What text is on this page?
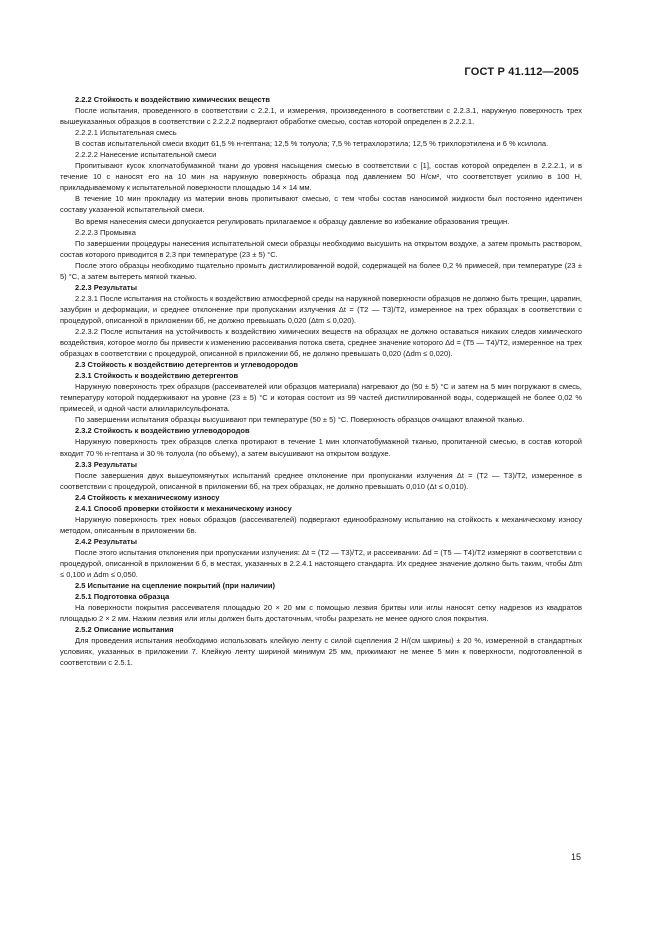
ГОСТ Р 41.112—2005

2.2.2 Стойкость к воздействию химических веществ

После испытания, проведенного в соответствии с 2.2.1, и измерения, произведенного в соответствии с 2.2.3.1, наружную поверхность трех вышеуказанных образцов в соответствии с 2.2.2.2 подвергают обработке смесью, состав которой определен в 2.2.2.1.

2.2.2.1 Испытательная смесь

В состав испытательной смеси входит 61,5 % н-гептана; 12,5 % толуола; 7,5 % тетрахлорэтила; 12,5 % трихлорэтилена и 6 % ксилола.

2.2.2.2 Нанесение испытательной смеси

Пропитывают кусок хлопчатобумажной ткани до уровня насыщения смесью в соответствии с [1], состав которой определен в 2.2.2.1, и в течение 10 с наносят его на 10 мин на наружную поверхность образца под давлением 50 Н/см², что соответствует усилию в 100 Н, прикладываемому к испытательной поверхности площадью 14 × 14 мм.

В течение 10 мин прокладку из материи вновь пропитывают смесью, с тем чтобы состав наносимой жидкости был постоянно идентичен составу указанной испытательной смеси.

Во время нанесения смеси допускается регулировать прилагаемое к образцу давление во избежание образования трещин.

2.2.2.3 Промывка

По завершении процедуры нанесения испытательной смеси образцы необходимо высушить на открытом воздухе, а затем промыть раствором, состав которого приводится в 2.3 при температуре (23 ± 5) °С.

После этого образцы необходимо тщательно промыть дистиллированной водой, содержащей на более 0,2 % примесей, при температуре (23 ± 5) °С, а затем вытереть мягкой тканью.

2.2.3 Результаты

2.2.3.1 После испытания на стойкость к воздействию атмосферной среды на наружной поверхности образцов не должно быть трещин, царапин, зазубрин и деформации, и среднее отклонение при пропускании излучения Δt = (T2 — T3)/T2, измеренное на трех образцах в соответствии с процедурой, описанной в приложении 6б, не должно превышать 0,020 (Δtm ≤ 0,020).

2.2.3.2 После испытания на устойчивость к воздействию химических веществ на образцах не должно оставаться никаких следов химического воздействия, которое могло бы привести к изменению рассеивания потока света, среднее значение которого Δd = (T5 — T4)/T2, измеренное на трех образцах в соответствии с процедурой, описанной в приложении 6б, не должно превышать 0,020 (Δdm ≤ 0,020).

2.3 Стойкость к воздействию детергентов и углеводородов

2.3.1 Стойкость к воздействию детергентов

Наружную поверхность трех образцов (рассеивателей или образцов материала) нагревают до (50 ± 5) °С и затем на 5 мин погружают в смесь, температуру которой поддерживают на уровне (23 ± 5) °С и которая состоит из 99 частей дистиллированной воды, содержащей не более 0,02 % примесей, и одной части алкиларилсульфоната.

По завершении испытания образцы высушивают при температуре (50 ± 5) °С. Поверхность образцов очищают влажной тканью.

2.3.2 Стойкость к воздействию углеводородов

Наружную поверхность трех образцов слегка протирают в течение 1 мин хлопчатобумажной тканью, пропитанной смесью, в состав которой входит 70 % н-гептана и 30 % толуола (по объему), а затем высушивают на открытом воздухе.

2.3.3 Результаты

После завершения двух вышеупомянутых испытаний среднее отклонение при пропускании излучения Δt = (T2 — T3)/T2, измеренное в соответствии с процедурой, описанной в приложении 6б, на трех образцах, не должно превышать 0,010 (Δt ≤ 0,010).

2.4 Стойкость к механическому износу

2.4.1 Способ проверки стойкости к механическому износу

Наружную поверхность трех новых образцов (рассеивателей) подвергают единообразному испытанию на стойкость к механическому износу методом, описанным в приложении 6в.

2.4.2 Результаты

После этого испытания отклонения при пропускании излучения: Δt = (T2 — T3)/T2, и рассеивании: Δd = (T5 — T4)/T2 измеряют в соответствии с процедурой, описанной в приложении 6 б, в местах, указанных в 2.2.4.1 настоящего стандарта. Их среднее значение должно быть таким, чтобы Δtm ≤ 0,100 и Δdm ≤ 0,050.

2.5 Испытание на сцепление покрытий (при наличии)

2.5.1 Подготовка образца

На поверхности покрытия рассеивателя площадью 20 × 20 мм с помощью лезвия бритвы или иглы наносят сетку надрезов из квадратов площадью 2 × 2 мм. Нажим лезвия или иглы должен быть достаточным, чтобы разрезать не менее одного слоя покрытия.

2.5.2 Описание испытания

Для проведения испытания необходимо использовать клейкую ленту с силой сцепления 2 Н/(см ширины) ± 20 %, измеренной в стандартных условиях, указанных в приложении 7. Клейкую ленту шириной минимум 25 мм, прижимают не менее 5 мин к поверхности, подготовленной в соответствии с 2.5.1.

15
